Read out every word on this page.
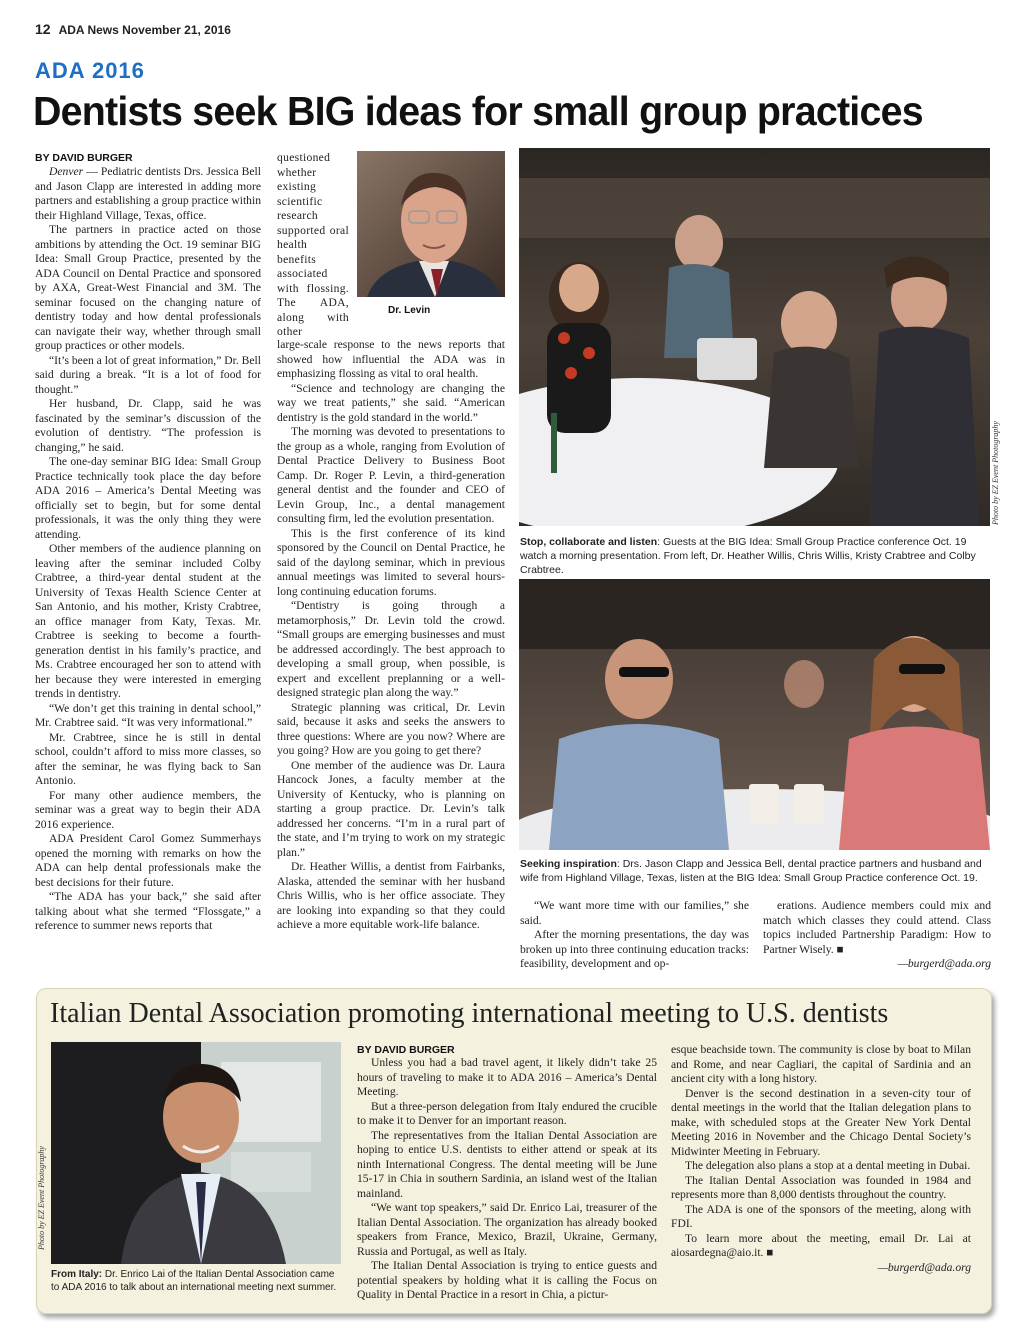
12 ADA News November 21, 2016
ADA 2016
Dentists seek BIG ideas for small group practices
BY DAVID BURGER

Denver — Pediatric dentists Drs. Jessica Bell and Jason Clapp are interested in adding more partners and establishing a group practice within their Highland Village, Texas, office.

The partners in practice acted on those ambitions by attending the Oct. 19 seminar BIG Idea: Small Group Practice, presented by the ADA Council on Dental Practice and sponsored by AXA, Great-West Financial and 3M. The seminar focused on the changing nature of dentistry today and how dental professionals can navigate their way, whether through small group practices or other models.

“It’s been a lot of great information,” Dr. Bell said during a break. “It is a lot of food for thought.”

Her husband, Dr. Clapp, said he was fascinated by the seminar’s discussion of the evolution of dentistry. “The profession is changing,” he said.

The one-day seminar BIG Idea: Small Group Practice technically took place the day before ADA 2016 – America’s Dental Meeting was officially set to begin, but for some dental professionals, it was the only thing they were attending.

Other members of the audience planning on leaving after the seminar included Colby Crabtree, a third-year dental student at the University of Texas Health Science Center at San Antonio, and his mother, Kristy Crabtree, an office manager from Katy, Texas. Mr. Crabtree is seeking to become a fourth-generation dentist in his family’s practice, and Ms. Crabtree encouraged her son to attend with her because they were interested in emerging trends in dentistry.

“We don’t get this training in dental school,” Mr. Crabtree said. “It was very informational.”

Mr. Crabtree, since he is still in dental school, couldn’t afford to miss more classes, so after the seminar, he was flying back to San Antonio.

For many other audience members, the seminar was a great way to begin their ADA 2016 experience.

ADA President Carol Gomez Summerhays opened the morning with remarks on how the ADA can help dental professionals make the best decisions for their future.

“The ADA has your back,” she said after talking about what she termed “Flossgate,” a reference to summer news reports that

questioned whether existing scientific research supported oral health benefits associated with flossing. The ADA, along with other

Dr. Levin

large-scale response to the news reports that showed how influential the ADA was in emphasizing flossing as vital to oral health.

“Science and technology are changing the way we treat patients,” she said. “American dentistry is the gold standard in the world.”

The morning was devoted to presentations to the group as a whole, ranging from Evolution of Dental Practice Delivery to Business Boot Camp. Dr. Roger P. Levin, a third-generation general dentist and the founder and CEO of Levin Group, Inc., a dental management consulting firm, led the evolution presentation.

This is the first conference of its kind sponsored by the Council on Dental Practice, he said of the daylong seminar, which in previous annual meetings was limited to several hours-long continuing education forums.

“Dentistry is going through a metamorphosis,” Dr. Levin told the crowd. “Small groups are emerging businesses and must be addressed accordingly. The best approach to developing a small group, when possible, is expert and excellent preplanning or a well-designed strategic plan along the way.”

Strategic planning was critical, Dr. Levin said, because it asks and seeks the answers to three questions: Where are you now? Where are you going? How are you going to get there?

One member of the audience was Dr. Laura Hancock Jones, a faculty member at the University of Kentucky, who is planning on starting a group practice. Dr. Levin’s talk addressed her concerns. “I’m in a rural part of the state, and I’m trying to work on my strategic plan.”

Dr. Heather Willis, a dentist from Fairbanks, Alaska, attended the seminar with her husband Chris Willis, who is her office associate. They are looking into expanding so that they could achieve a more equitable work-life balance.

Photo by EZ Event Photography
Stop, collaborate and listen: Guests at the BIG Idea: Small Group Practice conference Oct. 19 watch a morning presentation. From left, Dr. Heather Willis, Chris Willis, Kristy Crabtree and Colby Crabtree.
Seeking inspiration: Drs. Jason Clapp and Jessica Bell, dental practice partners and husband and wife from Highland Village, Texas, listen at the BIG Idea: Small Group Practice conference Oct. 19.

“We want more time with our families,” she said.

After the morning presentations, the day was broken up into three continuing education tracks: feasibility, development and op-

erations. Audience members could mix and match which classes they could attend. Class topics included Partnership Paradigm: How to Partner Wisely. ■

—burgerd@ada.org

Italian Dental Association promoting international meeting to U.S. dentists
Photo by EZ Event Photography
From Italy: Dr. Enrico Lai of the Italian Dental Association came to ADA 2016 to talk about an international meeting next summer.
BY DAVID BURGER

Unless you had a bad travel agent, it likely didn’t take 25 hours of traveling to make it to ADA 2016 – America’s Dental Meeting.

But a three-person delegation from Italy endured the crucible to make it to Denver for an important reason.

The representatives from the Italian Dental Association are hoping to entice U.S. dentists to either attend or speak at its ninth International Congress. The dental meeting will be June 15-17 in Chia in southern Sardinia, an island west of the Italian mainland.

“We want top speakers,” said Dr. Enrico Lai, treasurer of the Italian Dental Association. The organization has already booked speakers from France, Mexico, Brazil, Ukraine, Germany, Russia and Portugal, as well as Italy.

The Italian Dental Association is trying to entice guests and potential speakers by holding what it is calling the Focus on Quality in Dental Practice in a resort in Chia, a pictur-

esque beachside town. The community is close by boat to Milan and Rome, and near Cagliari, the capital of Sardinia and an ancient city with a long history.

Denver is the second destination in a seven-city tour of dental meetings in the world that the Italian delegation plans to make, with scheduled stops at the Greater New York Dental Meeting 2016 in November and the Chicago Dental Society’s Midwinter Meeting in February.

The delegation also plans a stop at a dental meeting in Dubai.

The Italian Dental Association was founded in 1984 and represents more than 8,000 dentists throughout the country.

The ADA is one of the sponsors of the meeting, along with FDI.

To learn more about the meeting, email Dr. Lai at aiosardegna@aio.it. ■

—burgerd@ada.org
